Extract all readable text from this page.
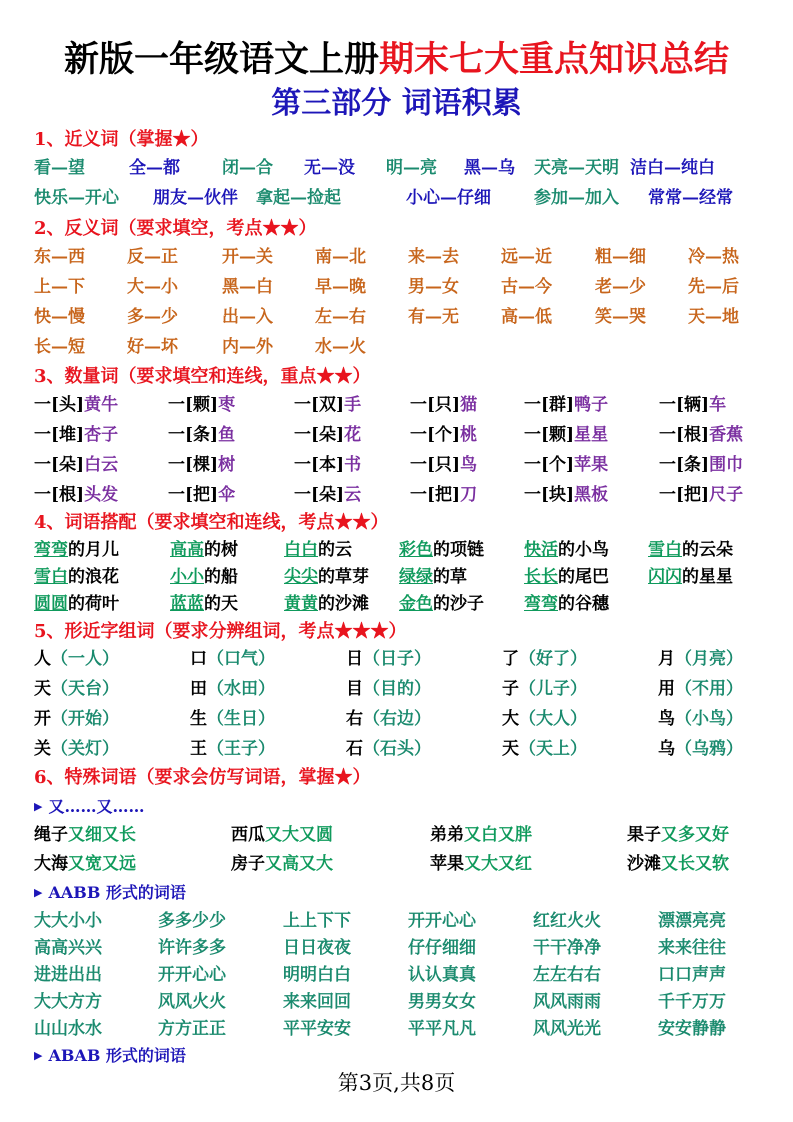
新版一年级语文上册期末七大重点知识总结
第三部分 词语积累
1、近义词（掌握★）
2、反义词（要求填空，考点★★）
3、数量词（要求填空和连线，重点★★）
4、词语搭配（要求填空和连线，考点★★）
5、形近字组词（要求分辨组词，考点★★★）
6、特殊词语（要求会仿写词语，掌握★）
▶ 又……又……
▶ AABB 形式的词语
▶ ABAB 形式的词语
看—望	全—都 闭—合 无—没 明—亮 黑—乌 天亮—天明 洁白—纯白
快乐—开心 朋友—伙伴 拿起—捡起	小心—仔细	参加—加入 常常—经常
东—西 反—正	开—关 南—北 来—去 远—近	粗—细 冷—热
上—下 大—小	黑—白 早—晚 男—女 古—今	老—少 先—后
快—慢 多—少	出—入 左—右 有—无 高—低	笑—哭 天—地
长—短 好—坏	内—外 水—火
一[头]黄牛	一[颗]枣	一[双]手	一[只]猫	一[群]鸭子	一[辆]车
一[堆]杏子	一[条]鱼	一[朵]花	一[个]桃	一[颗]星星	一[根]香蕉
一[朵]白云	一[棵]树	一[本]书	一[只]鸟	一[个]苹果	一[条]围巾
一[根]头发	一[把]伞	一[朵]云	一[把]刀	一[块]黑板	一[把]尺子
弯弯的月儿	高高的树	白白的云	彩色的项链 快活的小鸟 雪白的云朵
雪白的浪花	小小的船	尖尖的草芽 绿绿的草	长长的尾巴 闪闪的星星
圆圆的荷叶	蓝蓝的天	黄黄的沙滩 金色的沙子 弯弯的谷穗
人（一人）	口（口气）	日（日子）	了（好了）	月（月亮）
天（天台）	田（水田）	目（目的）	子（儿子）	用（不用）
开（开始）	生（生日）	右（右边）	大（大人）	鸟（小鸟）
关（关灯）	王（王子）	石（石头）	天（天上）	乌（乌鸦）
绳子又细又长	西瓜又大又圆	弟弟又白又胖	果子又多又好
大海又宽又远	房子又高又大	苹果又大又红	沙滩又长又软
大大小小	多多少少	上上下下	开开心心	红红火火	漂漂亮亮
高高兴兴	许许多多	日日夜夜	仔仔细细	干干净净	来来往往
进进出出	开开心心	明明白白	认认真真	左左右右	口口声声
大大方方	风风火火	来来回回	男男女女	风风雨雨	千千万万
山山水水	方方正正	平平安安	平平凡凡	风风光光	安安静静
第3页,共8页
